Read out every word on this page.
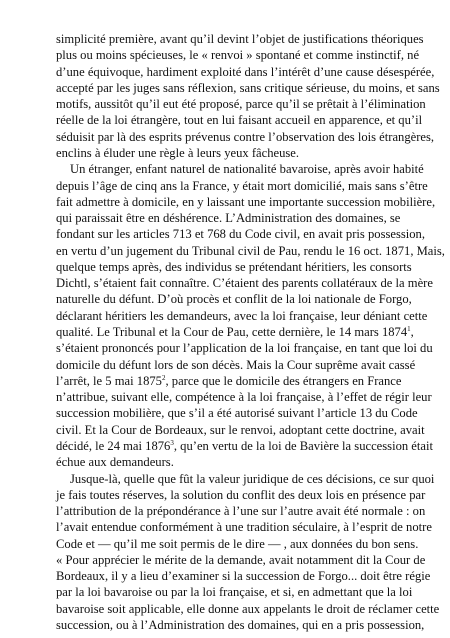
simplicité première, avant qu’il devint l’objet de justifications théoriques
plus ou moins spécieuses, le « renvoi » spontané et comme instinctif, né
d’une équivoque, hardiment exploité dans l’intérêt d’une cause désespérée,
accepté par les juges sans réflexion, sans critique sérieuse, du moins, et sans
motifs, aussitôt qu’il eut été proposé, parce qu’il se prêtait à l’élimination
réelle de la loi étrangère, tout en lui faisant accueil en apparence, et qu’il
séduisit par là des esprits prévenus contre l’observation des lois étrangères,
enclins à éluder une règle à leurs yeux fâcheuse.
Un étranger, enfant naturel de nationalité bavaroise, après avoir habité
depuis l’âge de cinq ans la France, y était mort domicilié, mais sans s’être
fait admettre à domicile, en y laissant une importante succession mobilière,
qui paraissait être en déshérence. L’Administration des domaines, se
fondant sur les articles 713 et 768 du Code civil, en avait pris possession,
en vertu d’un jugement du Tribunal civil de Pau, rendu le 16 oct. 1871, Mais,
quelque temps après, des individus se prétendant héritiers, les consorts
Dichtl, s’étaient fait connaître. C’étaient des parents collatéraux de la mère
naturelle du défunt. D’où procès et conflit de la loi nationale de Forgo,
déclarant héritiers les demandeurs, avec la loi française, leur déniant cette
qualité. Le Tribunal et la Cour de Pau, cette dernière, le 14 mars 1874$^1$,
s’étaient prononcés pour l’application de la loi française, en tant que loi du
domicile du défunt lors de son décès. Mais la Cour suprême avait cassé
l’arrêt, le 5 mai 1875$^2$, parce que le domicile des étrangers en France
n’attribue, suivant elle, compétence à la loi française, à l’effet de régir leur
succession mobilière, que s’il a été autorisé suivant l’article 13 du Code
civil. Et la Cour de Bordeaux, sur le renvoi, adoptant cette doctrine, avait
décidé, le 24 mai 1876$^3$, qu’en vertu de la loi de Bavière la succession était
échue aux demandeurs.
Jusque-là, quelle que fût la valeur juridique de ces décisions, ce sur quoi
je fais toutes réserves, la solution du conflit des deux lois en présence par
l’attribution de la prépondérance à l’une sur l’autre avait été normale : on
l’avait entendue conformément à une tradition séculaire, à l’esprit de notre
Code et — qu’il me soit permis de le dire — , aux données du bon sens.
« Pour apprécier le mérite de la demande, avait notamment dit la Cour de
Bordeaux, il y a lieu d’examiner si la succession de Forgo... doit être régie
par la loi bavaroise ou par la loi française, et si, en admettant que la loi
bavaroise soit applicable, elle donne aux appelants le droit de réclamer cette
succession, ou à l’Administration des domaines, qui en a pris possession,
